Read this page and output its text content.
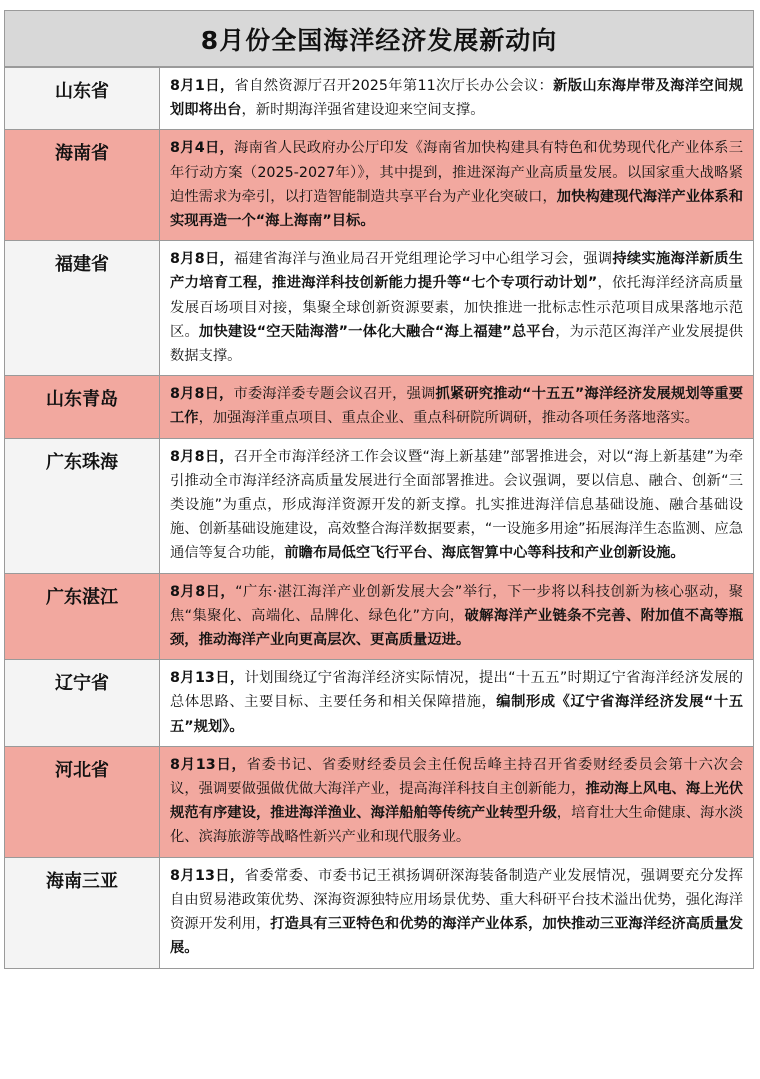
8月份全国海洋经济发展新动向
山东省	8月1日，省自然资源厅召开2025年第11次厅长办公会议：新版山东海岸带及海洋空间规划即将出台，新时期海洋强省建设迎来空间支撑。
海南省	8月4日，海南省人民政府办公厅印发《海南省加快构建具有特色和优势现代化产业体系三年行动方案（2025-2027年）》，其中提到，推进深海产业高质量发展。以国家重大战略紧迫性需求为牵引，以打造智能制造共享平台为产业化突破口，加快构建现代海洋产业体系和实现再造一个“海上海南”目标。
福建省	8月8日，福建省海洋与渔业局召开党组理论学习中心组学习会，强调持续实施海洋新质生产力培育工程，推进海洋科技创新能力提升等“七个专项行动计划”，依托海洋经济高质量发展百场项目对接，集聚全球创新资源要素，加快推进一批标志性示范项目成果落地示范区。加快建设“空天陆海潜”一体化大融合“海上福建”总平台，为示范区海洋产业发展提供数据支撑。
山东青岛	8月8日，市委海洋委专题会议召开，强调抓紧研究推动“十五五”海洋经济发展规划等重要工作，加强海洋重点项目、重点企业、重点科研院所调研，推动各项任务落地落实。
广东珠海	8月8日，召开全市海洋经济工作会议暨“海上新基建”部署推进会，对以“海上新基建”为牵引推动全市海洋经济高质量发展进行全面部署推进。会议强调，要以信息、融合、创新“三类设施”为重点，形成海洋资源开发的新支撑。扎实推进海洋信息基础设施、融合基础设施、创新基础设施建设，高效整合海洋数据要素，“一设施多用途”拓展海洋生态监测、应急通信等复合功能，前瞻布局低空飞行平台、海底智算中心等科技和产业创新设施。
广东湛江	8月8日，“广东·湛江海洋产业创新发展大会”举行，下一步将以科技创新为核心驱动，聚焦“集聚化、高端化、品牌化、绿色化”方向，破解海洋产业链条不完善、附加值不高等瓶颈，推动海洋产业向更高层次、更高质量迈进。
辽宁省	8月13日，计划围绕辽宁省海洋经济实际情况，提出“十五五”时期辽宁省海洋经济发展的总体思路、主要目标、主要任务和相关保障措施，编制形成《辽宁省海洋经济发展“十五五”规划》。
河北省	8月13日，省委书记、省委财经委员会主任倪岳峰主持召开省委财经委员会第十六次会议，强调要做强做优做大海洋产业，提高海洋科技自主创新能力，推动海上风电、海上光伏规范有序建设，推进海洋渔业、海洋船舶等传统产业转型升级，培育壮大生命健康、海水淡化、滨海旅游等战略性新兴产业和现代服务业。
海南三亚	8月13日，省委常委、市委书记王祺扬调研深海装备制造产业发展情况，强调要充分发挥自由贸易港政策优势、深海资源独特应用场景优势、重大科研平台技术溢出优势，强化海洋资源开发利用，打造具有三亚特色和优势的海洋产业体系，加快推动三亚海洋经济高质量发展。
